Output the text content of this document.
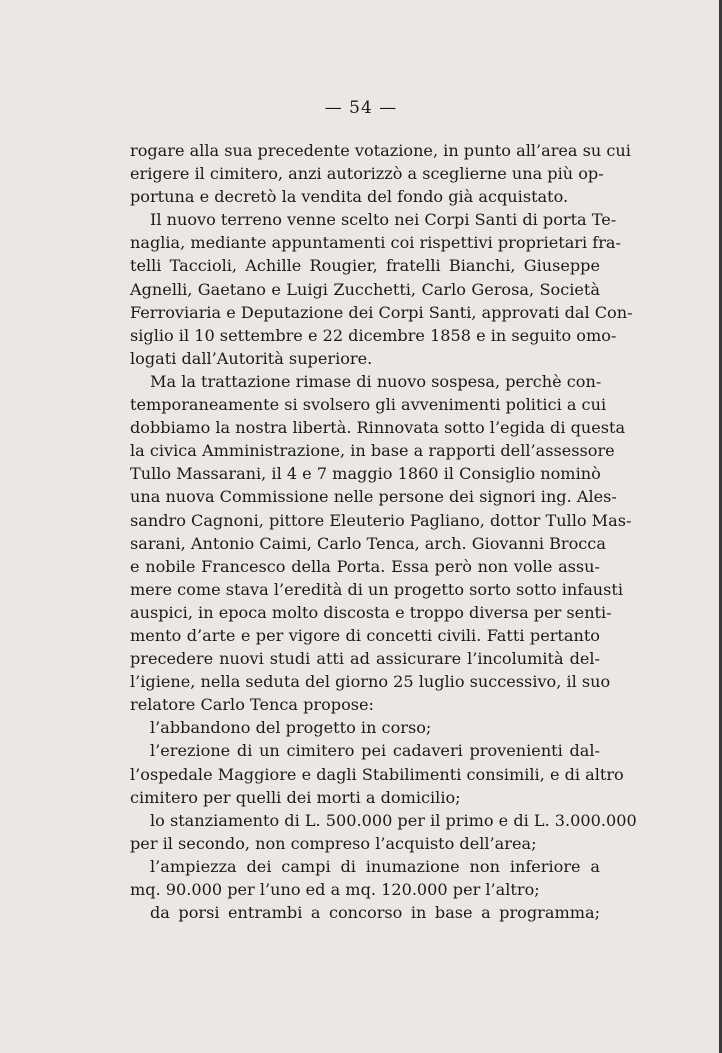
— 54 —
rogare alla sua precedente votazione, in punto all’area su cui
erigere il cimitero, anzi autorizzò a sceglierne una più op-
portuna e decretò la vendita del fondo già acquistato.
Il nuovo terreno venne scelto nei Corpi Santi di porta Te-
naglia, mediante appuntamenti coi rispettivi proprietari fra-
telli Taccioli, Achille Rougier, fratelli Bianchi, Giuseppe
Agnelli, Gaetano e Luigi Zucchetti, Carlo Gerosa, Società
Ferroviaria e Deputazione dei Corpi Santi, approvati dal Con-
siglio il 10 settembre e 22 dicembre 1858 e in seguito omo-
logati dall’Autorità superiore.
Ma la trattazione rimase di nuovo sospesa, perchè con-
temporaneamente si svolsero gli avvenimenti politici a cui
dobbiamo la nostra libertà. Rinnovata sotto l’egida di questa
la civica Amministrazione, in base a rapporti dell’assessore
Tullo Massarani, il 4 e 7 maggio 1860 il Consiglio nominò
una nuova Commissione nelle persone dei signori ing. Ales-
sandro Cagnoni, pittore Eleuterio Pagliano, dottor Tullo Mas-
sarani, Antonio Caimi, Carlo Tenca, arch. Giovanni Brocca
e nobile Francesco della Porta. Essa però non volle assu-
mere come stava l’eredità di un progetto sorto sotto infausti
auspici, in epoca molto discosta e troppo diversa per senti-
mento d’arte e per vigore di concetti civili. Fatti pertanto
precedere nuovi studi atti ad assicurare l’incolumità del-
l’igiene, nella seduta del giorno 25 luglio successivo, il suo
relatore Carlo Tenca propose:
l’abbandono del progetto in corso;
l’erezione di un cimitero pei cadaveri provenienti dal-
l’ospedale Maggiore e dagli Stabilimenti consimili, e di altro
cimitero per quelli dei morti a domicilio;
lo stanziamento di L. 500.000 per il primo e di L. 3.000.000
per il secondo, non compreso l’acquisto dell’area;
l’ampiezza dei campi di inumazione non inferiore a
mq. 90.000 per l’uno ed a mq. 120.000 per l’altro;
da porsi entrambi a concorso in base a programma;
